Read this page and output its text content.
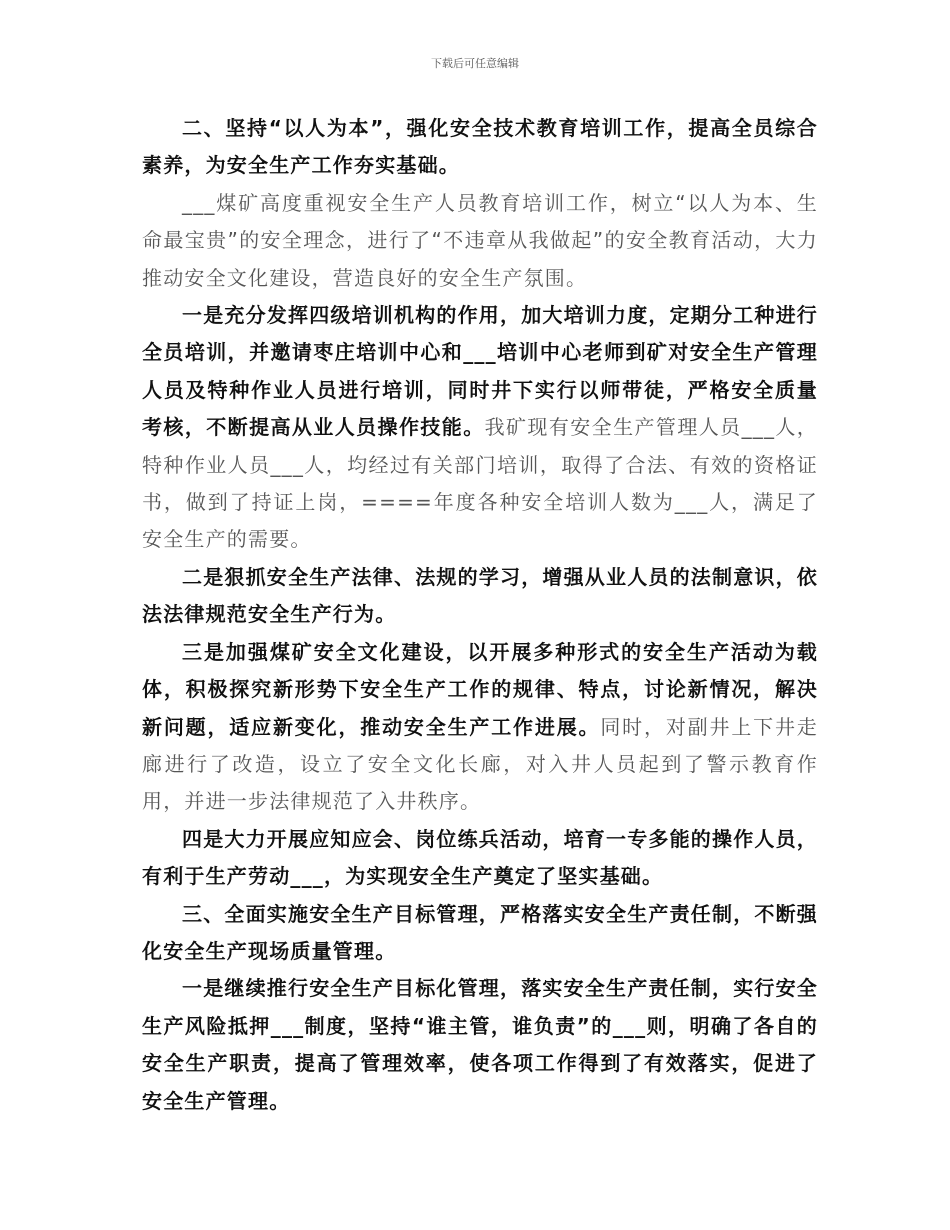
下载后可任意编辑

二、坚持“以人为本”，强化安全技术教育培训工作，提高全员综合素养，为安全生产工作夯实基础。

___煤矿高度重视安全生产人员教育培训工作，树立“以人为本、生命最宝贵”的安全理念，进行了“不违章从我做起”的安全教育活动，大力推动安全文化建设，营造良好的安全生产氛围。

一是充分发挥四级培训机构的作用，加大培训力度，定期分工种进行全员培训，并邀请枣庄培训中心和___培训中心老师到矿对安全生产管理人员及特种作业人员进行培训，同时井下实行以师带徒，严格安全质量考核，不断提高从业人员操作技能。我矿现有安全生产管理人员___人，特种作业人员___人，均经过有关部门培训，取得了合法、有效的资格证书，做到了持证上岗，====年度各种安全培训人数为___人，满足了安全生产的需要。

二是狠抓安全生产法律、法规的学习，增强从业人员的法制意识，依法法律规范安全生产行为。

三是加强煤矿安全文化建设，以开展多种形式的安全生产活动为载体，积极探究新形势下安全生产工作的规律、特点，讨论新情况，解决新问题，适应新变化，推动安全生产工作进展。同时，对副井上下井走廊进行了改造，设立了安全文化长廊，对入井人员起到了警示教育作用，并进一步法律规范了入井秩序。

四是大力开展应知应会、岗位练兵活动，培育一专多能的操作人员，有利于生产劳动___，为实现安全生产奠定了坚实基础。

三、全面实施安全生产目标管理，严格落实安全生产责任制，不断强化安全生产现场质量管理。

一是继续推行安全生产目标化管理，落实安全生产责任制，实行安全生产风险抵押___制度，坚持“谁主管，谁负责”的___则，明确了各自的安全生产职责，提高了管理效率，使各项工作得到了有效落实，促进了安全生产管理。
